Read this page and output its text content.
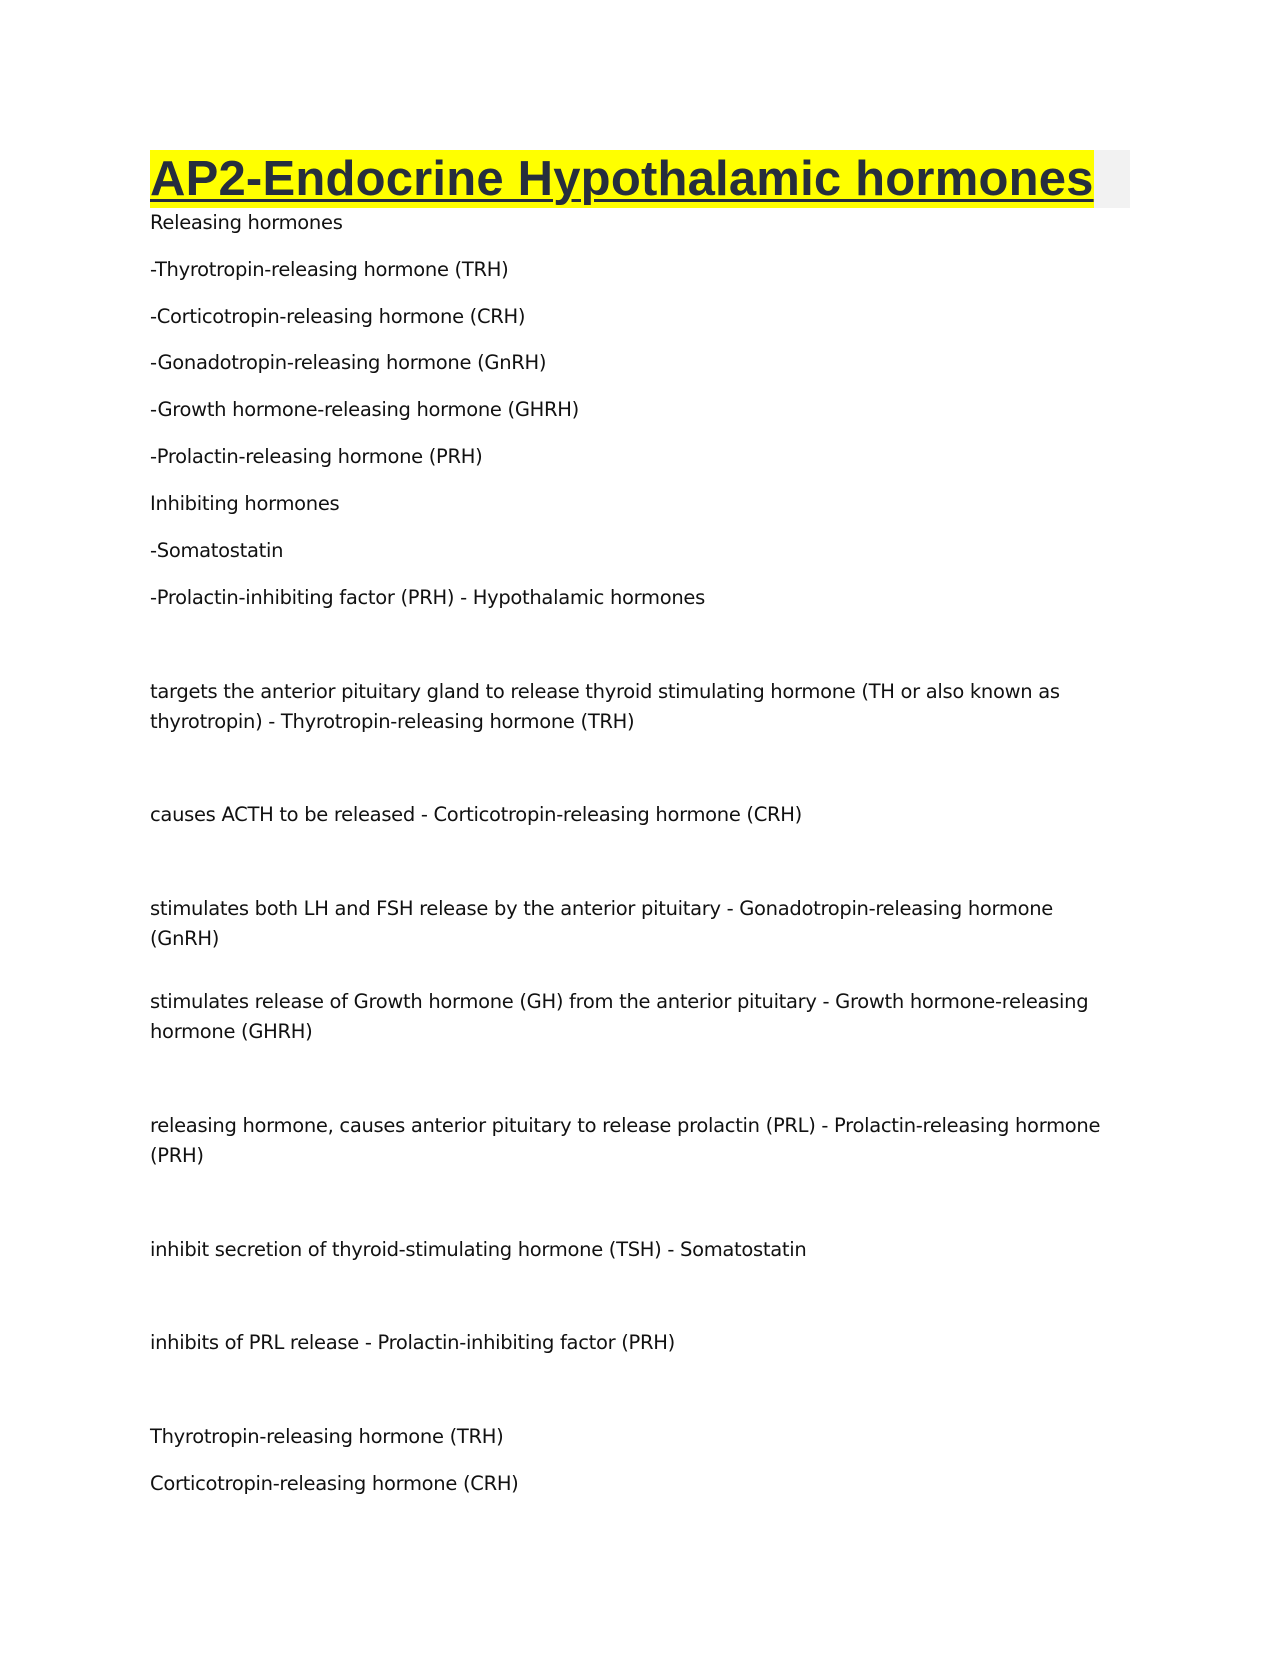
AP2-Endocrine Hypothalamic hormones
Releasing hormones
-Thyrotropin-releasing hormone (TRH)
-Corticotropin-releasing hormone (CRH)
-Gonadotropin-releasing hormone (GnRH)
-Growth hormone-releasing hormone (GHRH)
-Prolactin-releasing hormone (PRH)
Inhibiting hormones
-Somatostatin
-Prolactin-inhibiting factor (PRH) - Hypothalamic hormones
targets the anterior pituitary gland to release thyroid stimulating hormone (TH or also known as thyrotropin) - Thyrotropin-releasing hormone (TRH)
causes ACTH to be released - Corticotropin-releasing hormone (CRH)
stimulates both LH and FSH release by the anterior pituitary - Gonadotropin-releasing hormone (GnRH)
stimulates release of Growth hormone (GH) from the anterior pituitary - Growth hormone-releasing hormone (GHRH)
releasing hormone, causes anterior pituitary to release prolactin (PRL) - Prolactin-releasing hormone (PRH)
inhibit secretion of thyroid-stimulating hormone (TSH) - Somatostatin
inhibits of PRL release - Prolactin-inhibiting factor (PRH)
Thyrotropin-releasing hormone (TRH)
Corticotropin-releasing hormone (CRH)
